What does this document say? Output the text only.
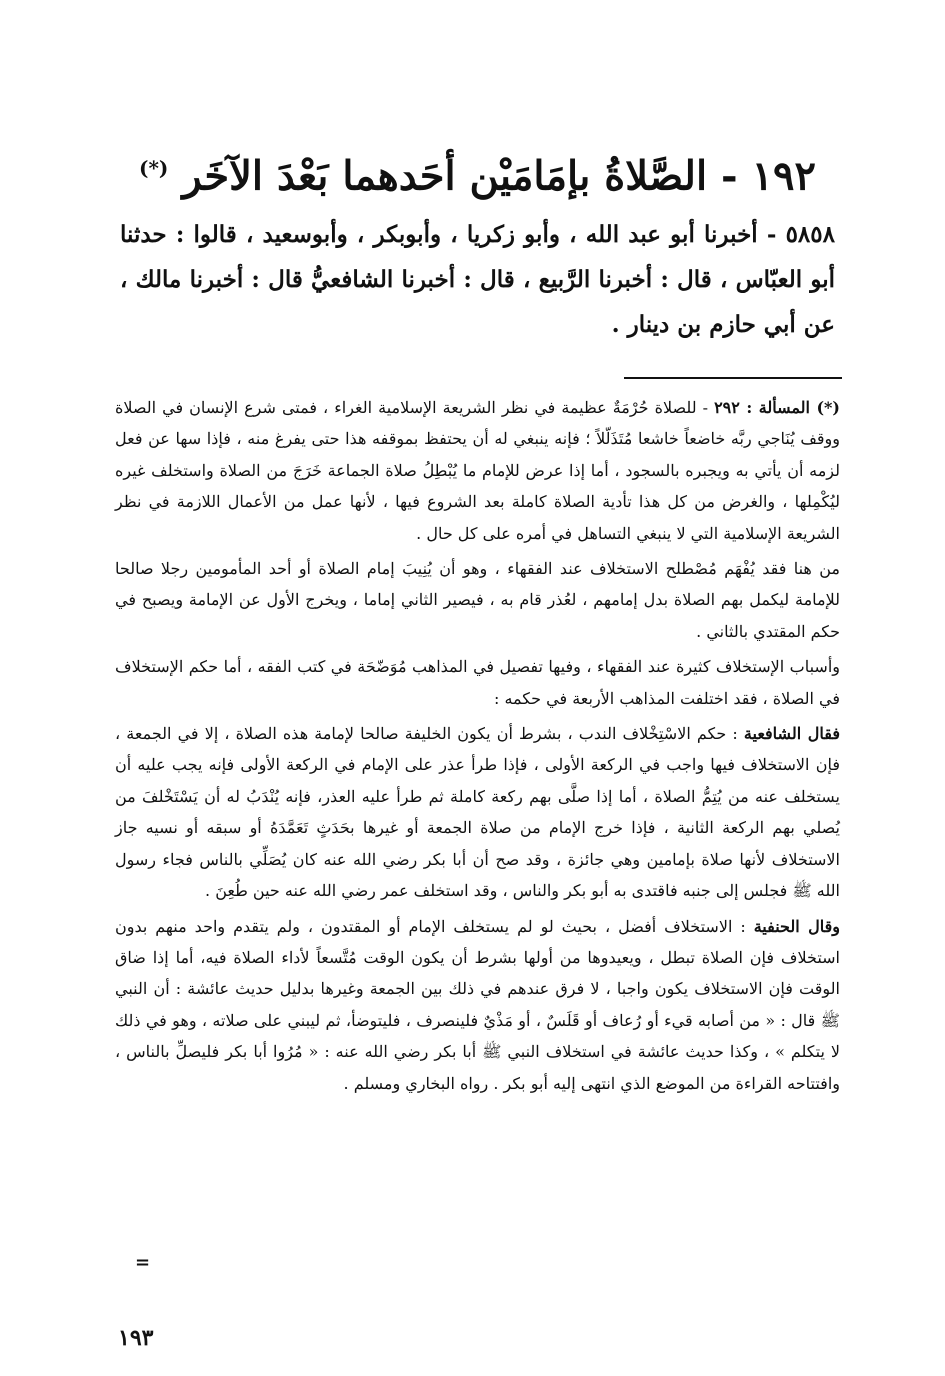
١٩٢ - الصَّلاةُ بإمَامَيْن أحَدهما بَعْدَ الآخَر (*)
٥٨٥٨ - أخبرنا أبو عبد الله ، وأبو زكريا ، وأبوبكر ، وأبوسعيد ، قالوا : حدثنا أبو العبّاس ، قال : أخبرنا الرَّبيع ، قال : أخبرنا الشافعيُّ قال : أخبرنا مالك ، عن أبي حازم بن دينار .

(*) المسألة : ٢٩٢ - للصلاة حُرْمَةٌ عظيمة في نظر الشريعة الإسلامية الغراء ، فمتى شرع الإنسان في الصلاة ووقف يُنَاجي ربَّه خاضعاً خاشعا مُتَذَلّلاً ؛ فإنه ينبغي له أن يحتفظ بموقفه هذا حتى يفرغ منه ، فإذا سها عن فعل لزمه أن يأتي به ويجبره بالسجود ، أما إذا عرض للإمام ما يُبْطِلُ صلاة الجماعة خَرَجَ من الصلاة واستخلف غيره ليُكْمِلها ، والغرض من كل هذا تأدية الصلاة كاملة بعد الشروع فيها ، لأنها عمل من الأعمال اللازمة في نظر الشريعة الإسلامية التي لا ينبغي التساهل في أمره على كل حال .

من هنا فقد يُفْهَم مُصْطلح الاستخلاف عند الفقهاء ، وهو أن يُنِيبَ إمام الصلاة أو أحد المأمومين رجلا صالحا للإمامة ليكمل بهم الصلاة بدل إمامهم ، لعُذر قام به ، فيصير الثاني إماما ، ويخرج الأول عن الإمامة ويصبح في حكم المقتدي بالثاني .

وأسباب الإستخلاف كثيرة عند الفقهاء ، وفيها تفصيل في المذاهب مُوَضّحَة في كتب الفقه ، أما حكم الإستخلاف في الصلاة ، فقد اختلفت المذاهب الأربعة في حكمه :

فقال الشافعية : حكم الاسْتِخْلاف الندب ، بشرط أن يكون الخليفة صالحا لإمامة هذه الصلاة ، إلا في الجمعة ، فإن الاستخلاف فيها واجب في الركعة الأولى ، فإذا طرأ عذر على الإمام في الركعة الأولى فإنه يجب عليه أن يستخلف عنه من يُتِمُّ الصلاة ، أما إذا صلَّى بهم ركعة كاملة ثم طرأ عليه العذر، فإنه يُنْدَبُ له أن يَسْتَخْلفَ من يُصلي بهم الركعة الثانية ، فإذا خرج الإمام من صلاة الجمعة أو غيرها بحَدَثٍ تَعَمَّدَهُ أو سبقه أو نسيه جاز الاستخلاف لأنها صلاة بإمامين وهي جائزة ، وقد صح أن أبا بكر رضي الله عنه كان يُصَلِّي بالناس فجاء رسول الله ﷺ فجلس إلى جنبه فاقتدى به أبو بكر والناس ، وقد استخلف عمر رضي الله عنه حين طُعِنَ .

وقال الحنفية : الاستخلاف أفضل ، بحيث لو لم يستخلف الإمام أو المقتدون ، ولم يتقدم واحد منهم بدون استخلاف فإن الصلاة تبطل ، ويعيدوها من أولها بشرط أن يكون الوقت مُتَّسعاً لأداء الصلاة فيه، أما إذا ضاق الوقت فإن الاستخلاف يكون واجبا ، لا فرق عندهم في ذلك بين الجمعة وغيرها بدليل حديث عائشة : أن النبي ﷺ قال : « من أصابه قيء أو رُعاف أو قَلَسٌ ، أو مَذْيٌ فلينصرف ، فليتوضأ، ثم ليبني على صلاته ، وهو في ذلك لا يتكلم » ، وكذا حديث عائشة في استخلاف النبي ﷺ أبا بكر رضي الله عنه : « مُرُوا أبا بكر فليصلِّ بالناس ، وافتتاحه القراءة من الموضع الذي انتهى إليه أبو بكر . رواه البخاري ومسلم .

=
١٩٣
